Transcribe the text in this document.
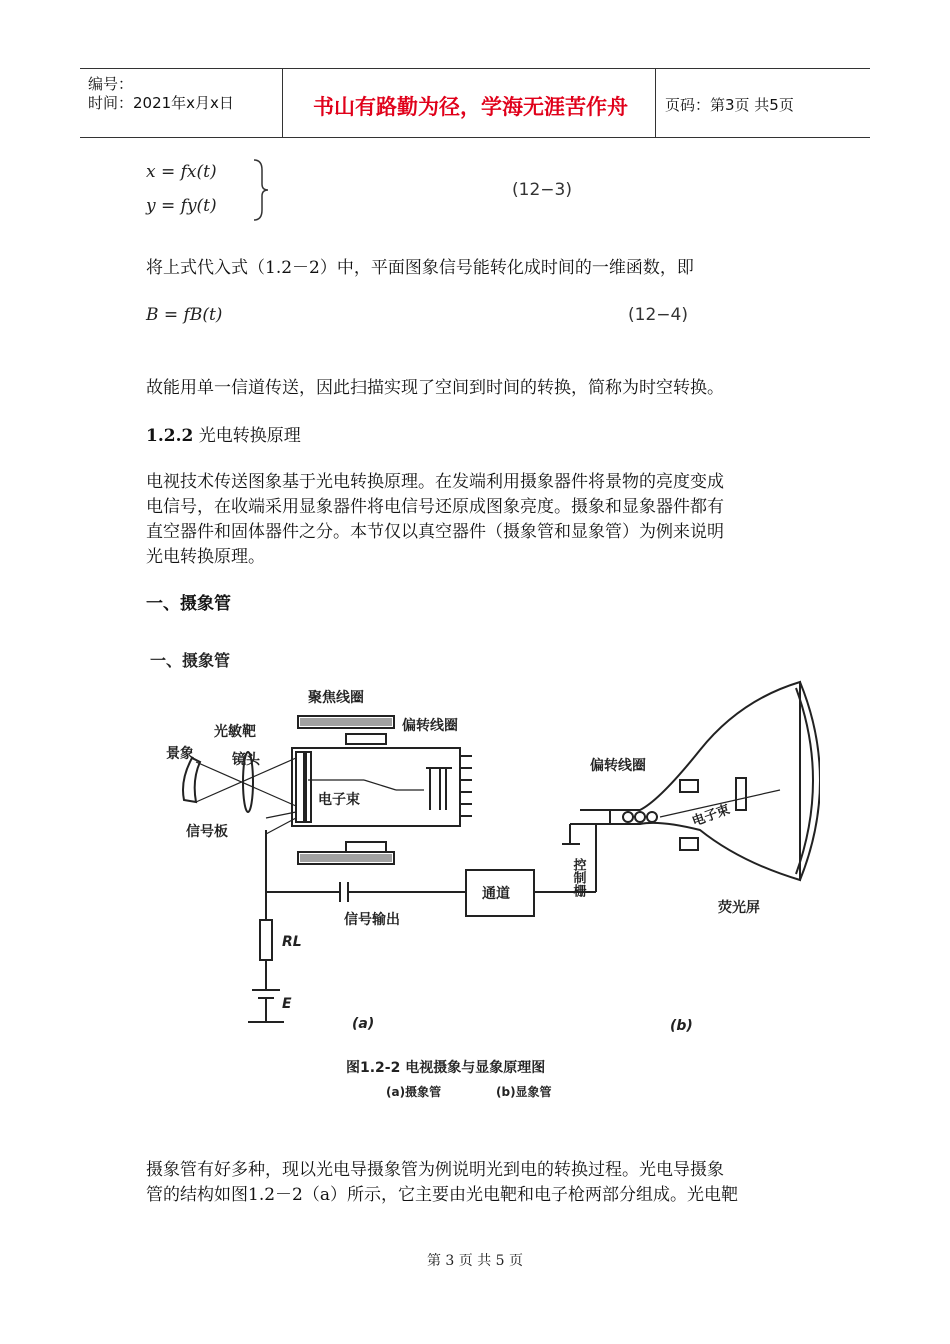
编号：
时间：2021年x月x日	书山有路勤为径，学海无涯苦作舟	页码：第3页 共5页
x = fx(t)
y = fy(t)
(12−3)
将上式代入式（1.2－2）中，平面图象信号能转化成时间的一维函数，即
B = fB(t)	(12−4)
故能用单一信道传送，因此扫描实现了空间到时间的转换，简称为时空转换。
1.2.2 光电转换原理
电视技术传送图象基于光电转换原理。在发端利用摄象器件将景物的亮度变成
电信号，在收端采用显象器件将电信号还原成图象亮度。摄象和显象器件都有
直空器件和固体器件之分。本节仅以真空器件（摄象管和显象管）为例来说明
光电转换原理。
一、摄象管
一、摄象管
聚焦线圈
偏转线圈
光敏靶
景象	镜头
电子束
信号板
信号输出
通道
RL
E
(a)
偏转线圈
控制栅
电子束
荧光屏
(b)
图1.2-2 电视摄象与显象原理图
(a)摄象管	(b)显象管
摄象管有好多种，现以光电导摄象管为例说明光到电的转换过程。光电导摄象
管的结构如图1.2－2（a）所示，它主要由光电靶和电子枪两部分组成。光电靶
第 3 页 共 5 页
